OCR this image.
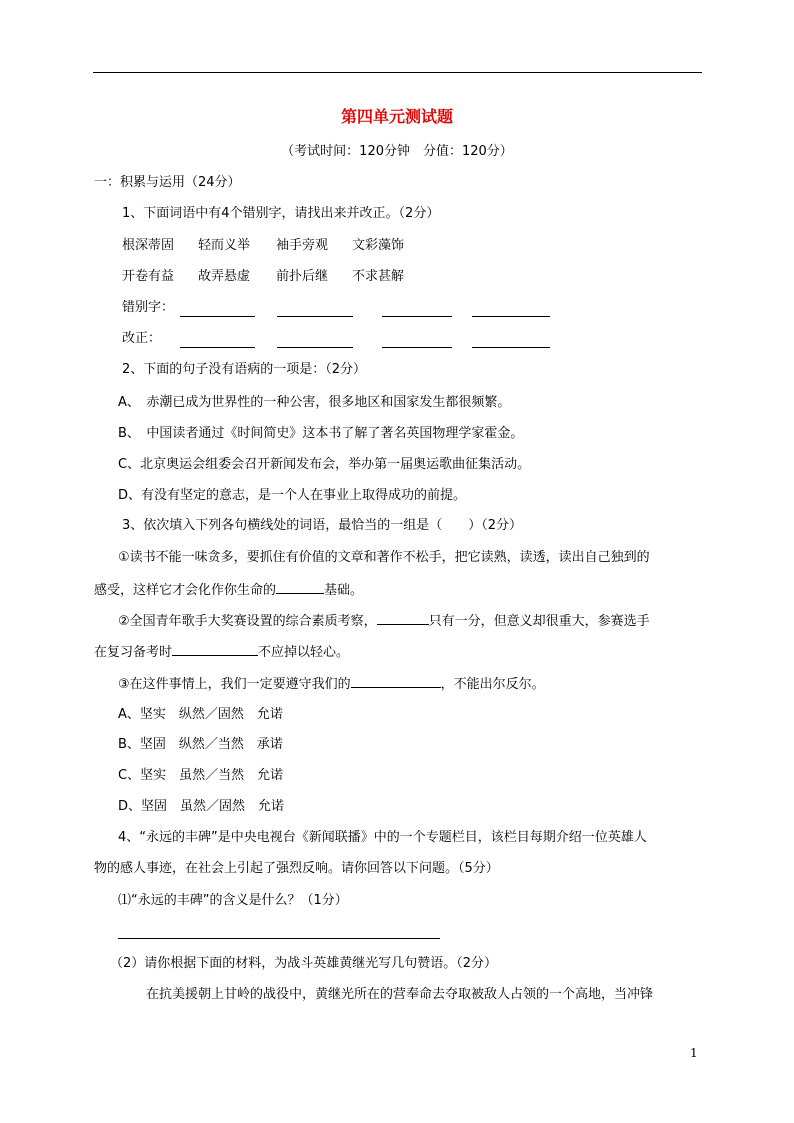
第四单元测试题
（考试时间：120分钟　分值：120分）
一：积累与运用（24分）
1、下面词语中有4个错别字，请找出来并改正。（2分）
根深蒂固 轻而义举 袖手旁观 文彩藻饰
开卷有益 故弄悬虚 前扑后继 不求甚解
错别字：
改正：
2、下面的句子没有语病的一项是：（2分）
A、　赤潮已成为世界性的一种公害，很多地区和国家发生都很频繁。
B、　中国读者通过《时间简史》这本书了解了著名英国物理学家霍金。
C、北京奥运会组委会召开新闻发布会，举办第一届奥运歌曲征集活动。
D、有没有坚定的意志，是一个人在事业上取得成功的前提。
3、依次填入下列各句横线处的词语，最恰当的一组是（　　）（2分）
①读书不能一味贪多，要抓住有价值的文章和著作不松手，把它读熟，读透，读出自己独到的
感受，这样它才会化作你生命的	基础。
②全国青年歌手大奖赛设置的综合素质考察，	只有一分，但意义却很重大，参赛选手
在复习备考时	不应掉以轻心。
③在这件事情上，我们一定要遵守我们的	，不能出尔反尔。
A、坚实　纵然／固然　允诺
B、坚固　纵然／当然　承诺
C、坚实　虽然／当然　允诺
D、坚固　虽然／固然　允诺
4、“永远的丰碑”是中央电视台《新闻联播》中的一个专题栏目，该栏目每期介绍一位英雄人
物的感人事迹，在社会上引起了强烈反响。请你回答以下问题。（5分）
⑴“永远的丰碑”的含义是什么？（1分）
（2）请你根据下面的材料，为战斗英雄黄继光写几句赞语。（2分）
在抗美援朝上甘岭的战役中，黄继光所在的营奉命去夺取被敌人占领的一个高地，当冲锋
1
